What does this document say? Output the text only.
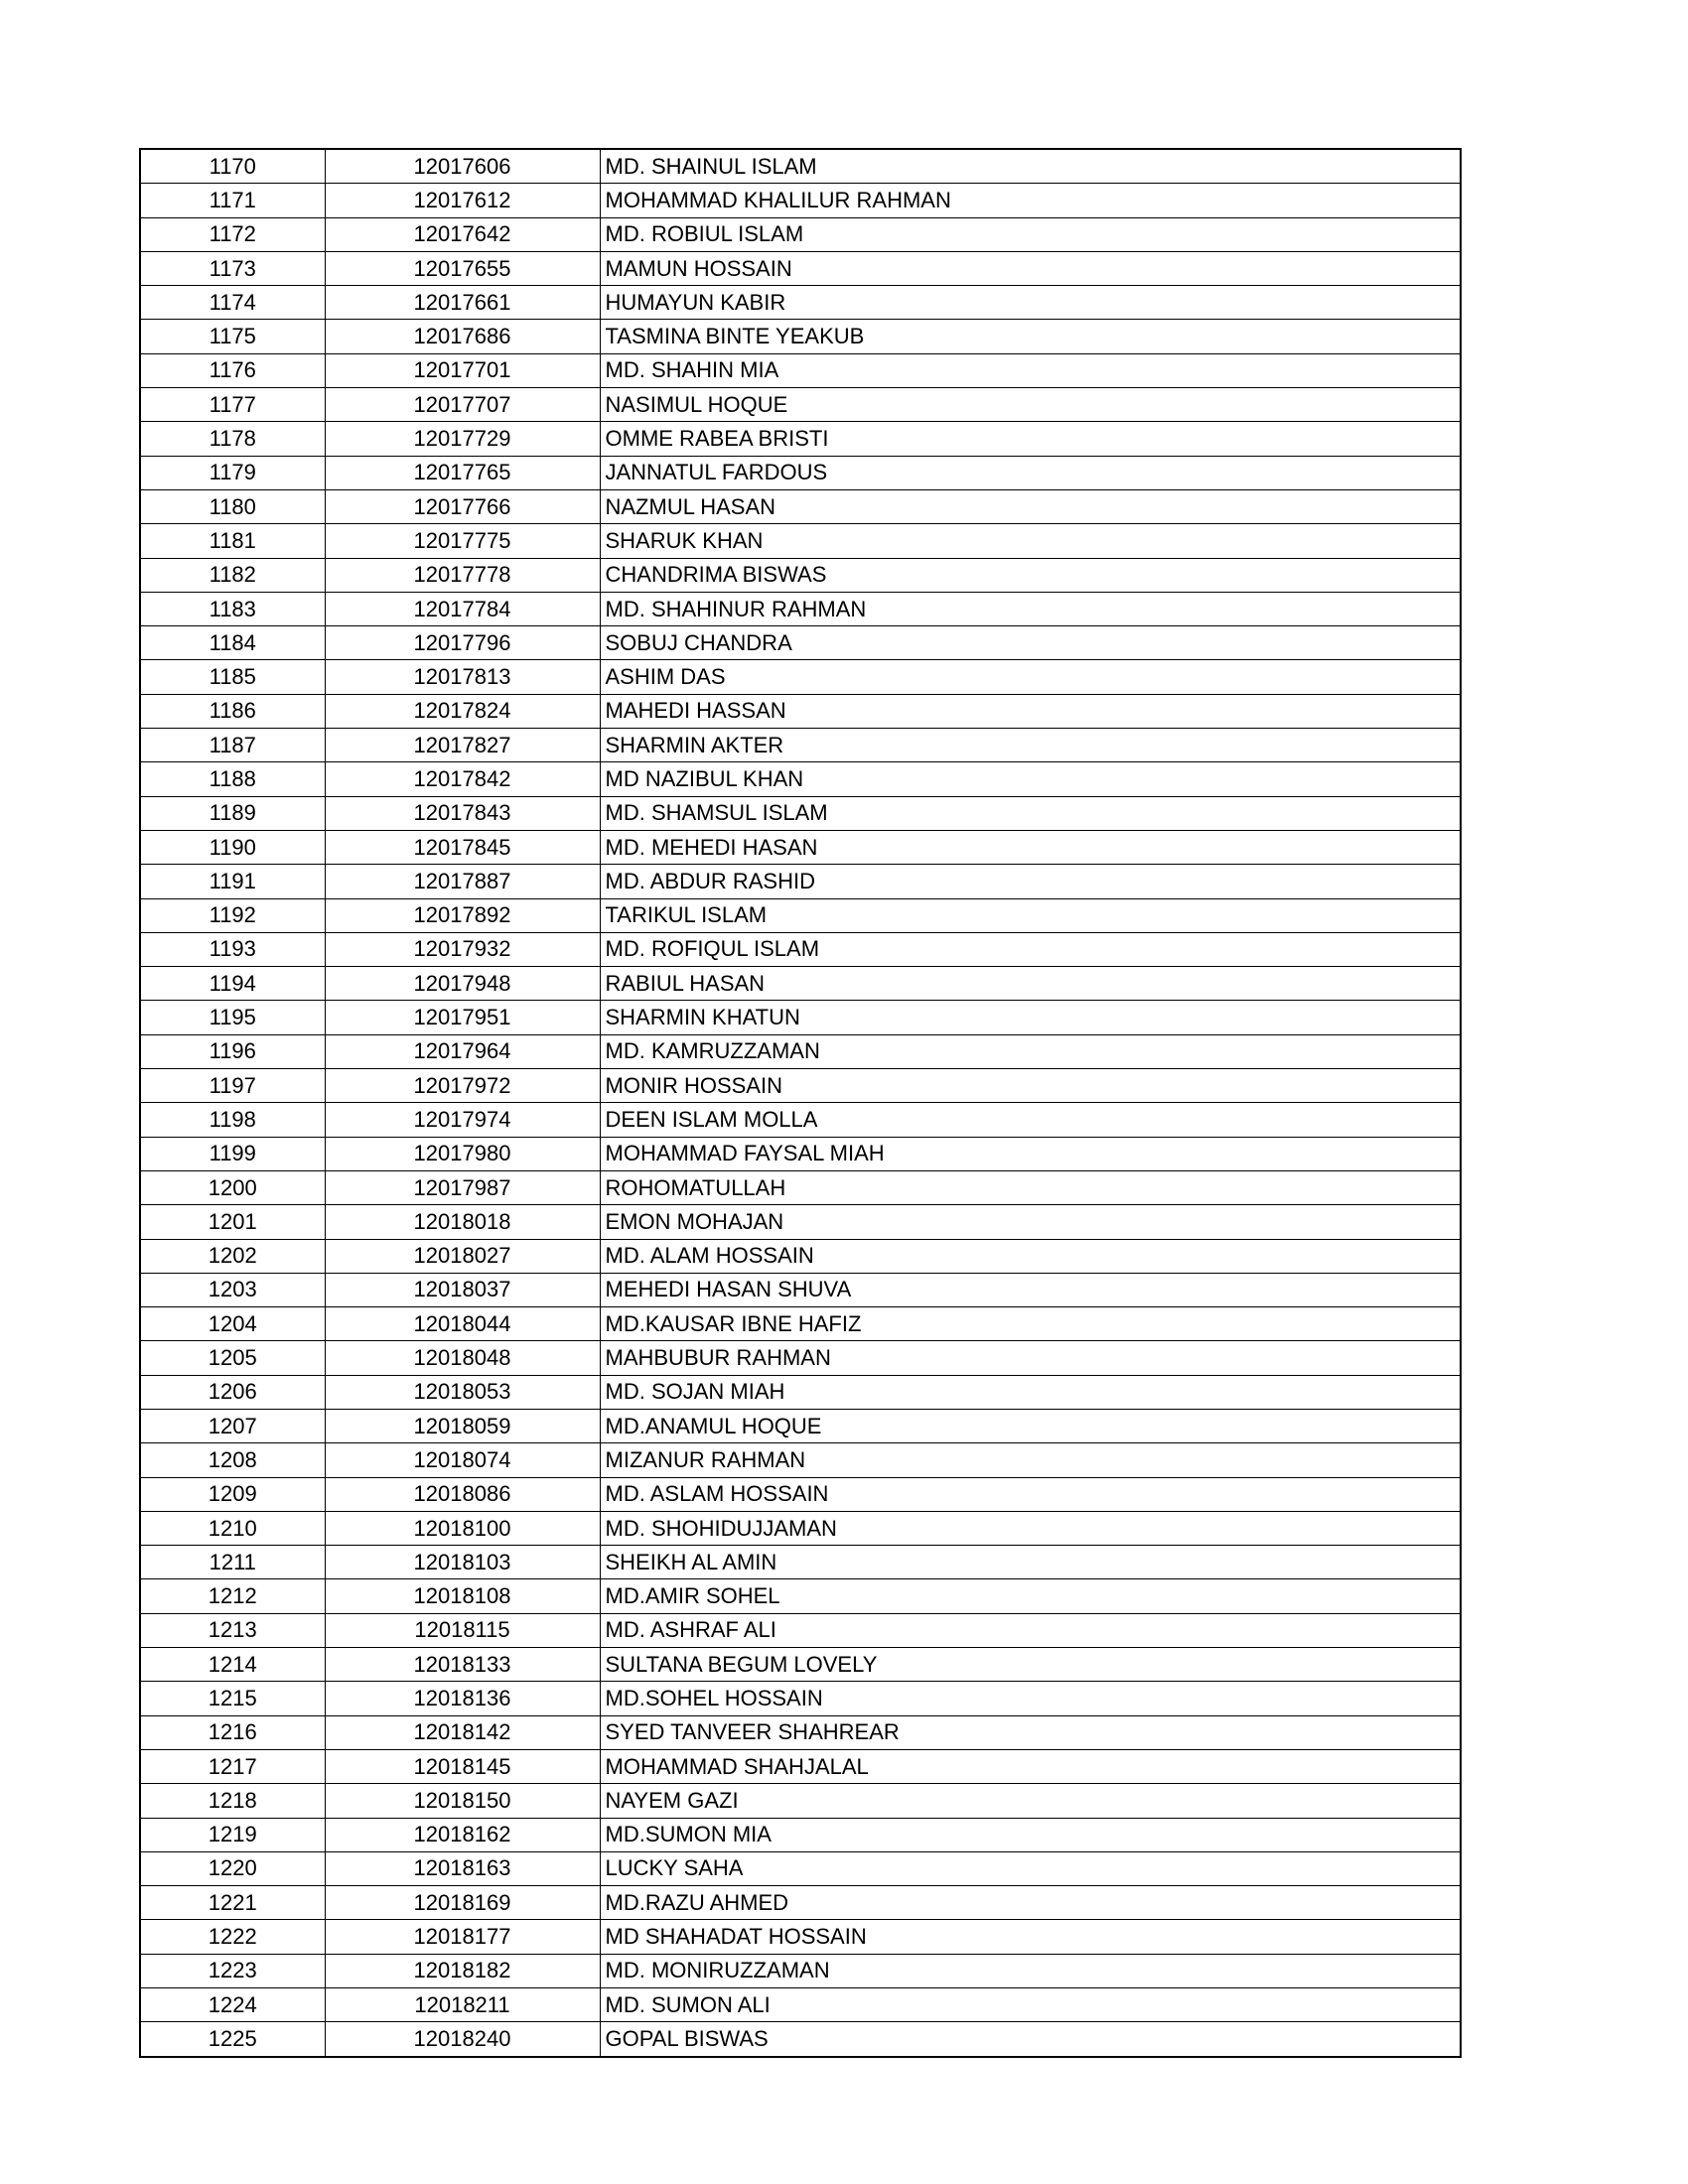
1170	12017606	MD. SHAINUL ISLAM
1171	12017612	MOHAMMAD KHALILUR RAHMAN
1172	12017642	MD. ROBIUL ISLAM
1173	12017655	MAMUN HOSSAIN
1174	12017661	HUMAYUN KABIR
1175	12017686	TASMINA BINTE YEAKUB
1176	12017701	MD. SHAHIN MIA
1177	12017707	NASIMUL HOQUE
1178	12017729	OMME RABEA BRISTI
1179	12017765	JANNATUL FARDOUS
1180	12017766	NAZMUL HASAN
1181	12017775	SHARUK KHAN
1182	12017778	CHANDRIMA BISWAS
1183	12017784	MD. SHAHINUR RAHMAN
1184	12017796	SOBUJ CHANDRA
1185	12017813	ASHIM DAS
1186	12017824	MAHEDI HASSAN
1187	12017827	SHARMIN AKTER
1188	12017842	MD NAZIBUL KHAN
1189	12017843	MD. SHAMSUL ISLAM
1190	12017845	MD. MEHEDI HASAN
1191	12017887	MD. ABDUR RASHID
1192	12017892	TARIKUL ISLAM
1193	12017932	MD. ROFIQUL ISLAM
1194	12017948	RABIUL HASAN
1195	12017951	SHARMIN KHATUN
1196	12017964	MD. KAMRUZZAMAN
1197	12017972	MONIR HOSSAIN
1198	12017974	DEEN ISLAM MOLLA
1199	12017980	MOHAMMAD FAYSAL MIAH
1200	12017987	ROHOMATULLAH
1201	12018018	EMON MOHAJAN
1202	12018027	MD. ALAM HOSSAIN
1203	12018037	MEHEDI HASAN SHUVA
1204	12018044	MD.KAUSAR IBNE HAFIZ
1205	12018048	MAHBUBUR RAHMAN
1206	12018053	MD. SOJAN MIAH
1207	12018059	MD.ANAMUL HOQUE
1208	12018074	MIZANUR RAHMAN
1209	12018086	MD. ASLAM HOSSAIN
1210	12018100	MD. SHOHIDUJJAMAN
1211	12018103	SHEIKH AL AMIN
1212	12018108	MD.AMIR SOHEL
1213	12018115	MD. ASHRAF ALI
1214	12018133	SULTANA BEGUM LOVELY
1215	12018136	MD.SOHEL HOSSAIN
1216	12018142	SYED TANVEER SHAHREAR
1217	12018145	MOHAMMAD SHAHJALAL
1218	12018150	NAYEM GAZI
1219	12018162	MD.SUMON MIA
1220	12018163	LUCKY SAHA
1221	12018169	MD.RAZU AHMED
1222	12018177	MD SHAHADAT HOSSAIN
1223	12018182	MD. MONIRUZZAMAN
1224	12018211	MD. SUMON ALI
1225	12018240	GOPAL BISWAS
